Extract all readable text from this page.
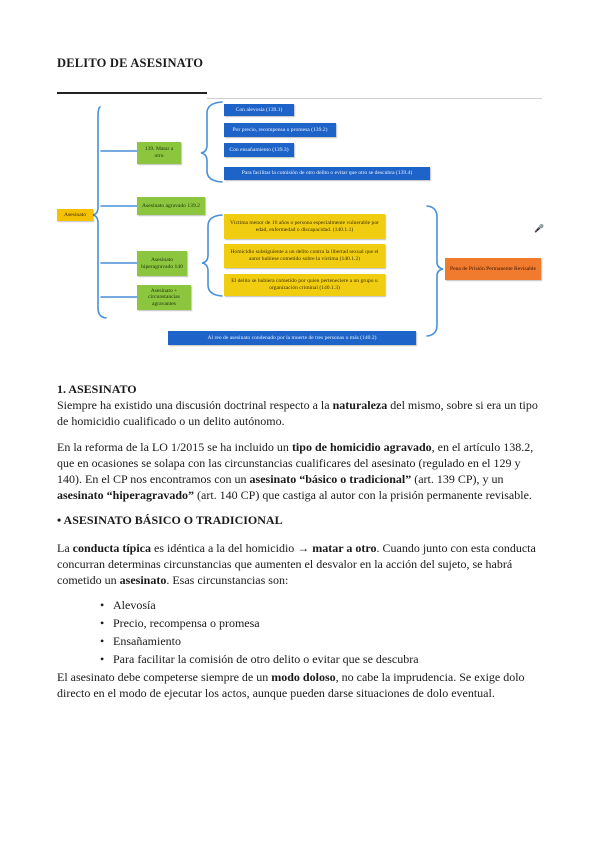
DELITO DE ASESINATO
Asesinato
139. Matar a otro
Asesinato agravado 139.2
Asesinato hiperagravado 140
Asesinato + circunstancias agravantes
Con alevosía (139.1)
Por precio, recompensa o promesa (139.2)
Con ensañamiento (139.3)
Para facilitar la comisión de otro delito o evitar que otro se descubra (139.4)
Víctima menor de 16 años o persona especialmente vulnerable por edad, enfermedad o discapacidad. (140.1.1)
Homicidio subsiguiente a un delito contra la libertad sexual que el autor hubiese cometido sobre la víctima (140.1.2)
El delito se hubiera cometido por quien perteneciere a un grupo u organización criminal (140.1.3)
Al reo de asesinato condenado por la muerte de tres personas o más (140.2)
Pena de Prisión Permanente Revisable
🎤
1. ASESINATO

Siempre ha existido una discusión doctrinal respecto a la naturaleza del mismo, sobre si era un tipo de homicidio cualificado o un delito autónomo.

En la reforma de la LO 1/2015 se ha incluido un tipo de homicidio agravado, en el artículo 138.2, que en ocasiones se solapa con las circunstancias cualificares del asesinato (regulado en el 129 y 140). En el CP nos encontramos con un asesinato “básico o tradicional” (art. 139 CP), y un asesinato “hiperagravado” (art. 140 CP) que castiga al autor con la prisión permanente revisable.

• ASESINATO BÁSICO O TRADICIONAL

La conducta típica es idéntica a la del homicidio → matar a otro. Cuando junto con esta conducta concurran determinas circunstancias que aumenten el desvalor en la acción del sujeto, se habrá cometido un asesinato. Esas circunstancias son:

• Alevosía
• Precio, recompensa o promesa
• Ensañamiento
• Para facilitar la comisión de otro delito o evitar que se descubra

El asesinato debe competerse siempre de un modo doloso, no cabe la imprudencia. Se exige dolo directo en el modo de ejecutar los actos, aunque pueden darse situaciones de dolo eventual.
